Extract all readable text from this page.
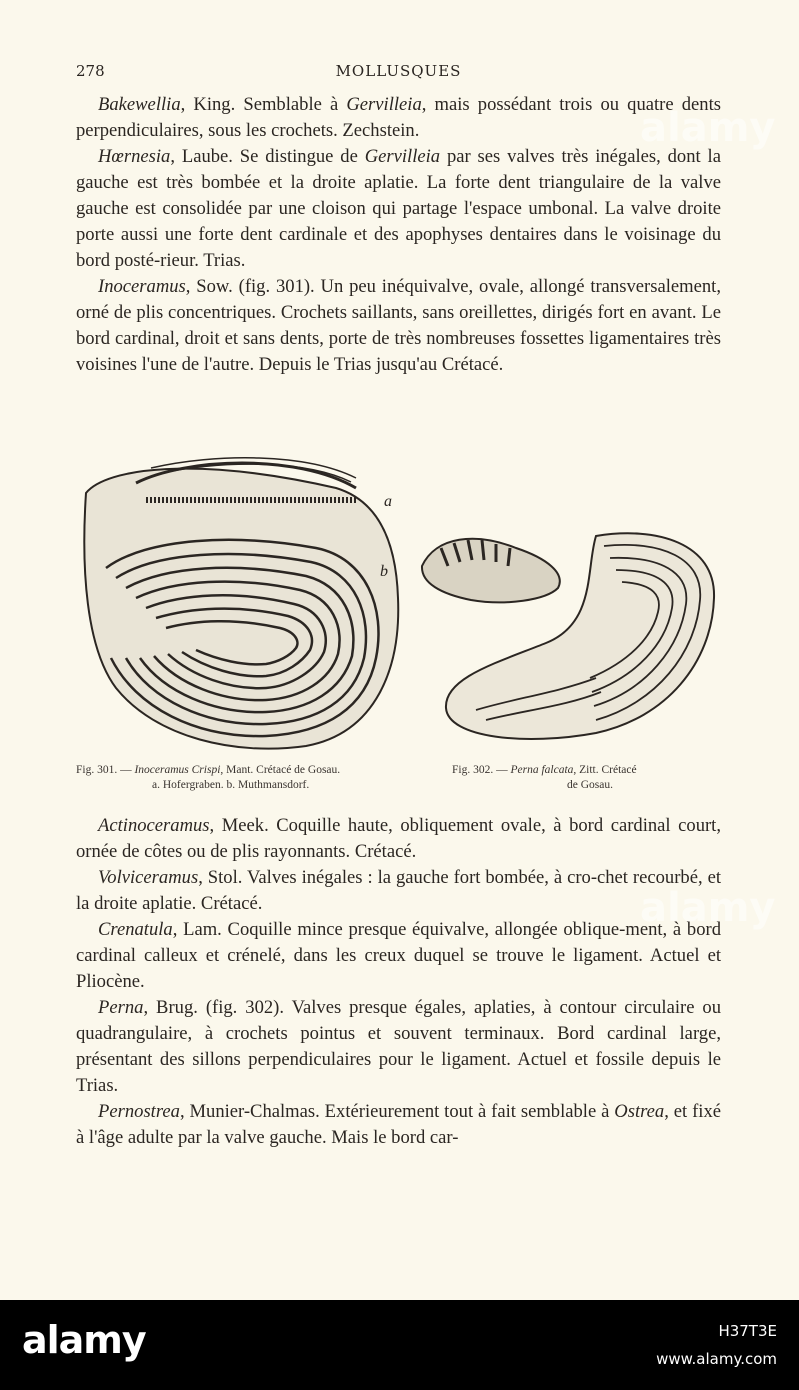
278	MOLLUSQUES

Bakewellia, King. Semblable à Gervilleia, mais possédant trois ou quatre dents perpendiculaires, sous les crochets. Zechstein.

Hœrnesia, Laube. Se distingue de Gervilleia par ses valves très inégales, dont la gauche est très bombée et la droite aplatie. La forte dent triangulaire de la valve gauche est consolidée par une cloison qui partage l'espace umbonal. La valve droite porte aussi une forte dent cardinale et des apophyses dentaires dans le voisinage du bord posté-rieur. Trias.

Inoceramus, Sow. (fig. 301). Un peu inéquivalve, ovale, allongé transversalement, orné de plis concentriques. Crochets saillants, sans oreillettes, dirigés fort en avant. Le bord cardinal, droit et sans dents, porte de très nombreuses fossettes ligamentaires très voisines l'une de l'autre. Depuis le Trias jusqu'au Crétacé.

a
b
Fig. 301. — Inoceramus Crispi, Mant. Crétacé de Gosau.
a. Hofergraben. b. Muthmansdorf.
Fig. 302. — Perna falcata, Zitt. Crétacé
de Gosau.

Actinoceramus, Meek. Coquille haute, obliquement ovale, à bord cardinal court, ornée de côtes ou de plis rayonnants. Crétacé.

Volviceramus, Stol. Valves inégales : la gauche fort bombée, à cro-chet recourbé, et la droite aplatie. Crétacé.

Crenatula, Lam. Coquille mince presque équivalve, allongée oblique-ment, à bord cardinal calleux et crénelé, dans les creux duquel se trouve le ligament. Actuel et Pliocène.

Perna, Brug. (fig. 302). Valves presque égales, aplaties, à contour circulaire ou quadrangulaire, à crochets pointus et souvent terminaux. Bord cardinal large, présentant des sillons perpendiculaires pour le ligament. Actuel et fossile depuis le Trias.

Pernostrea, Munier-Chalmas. Extérieurement tout à fait semblable à Ostrea, et fixé à l'âge adulte par la valve gauche. Mais le bord car-

alamy
alamy
alamy	H37T3E
www.alamy.com
